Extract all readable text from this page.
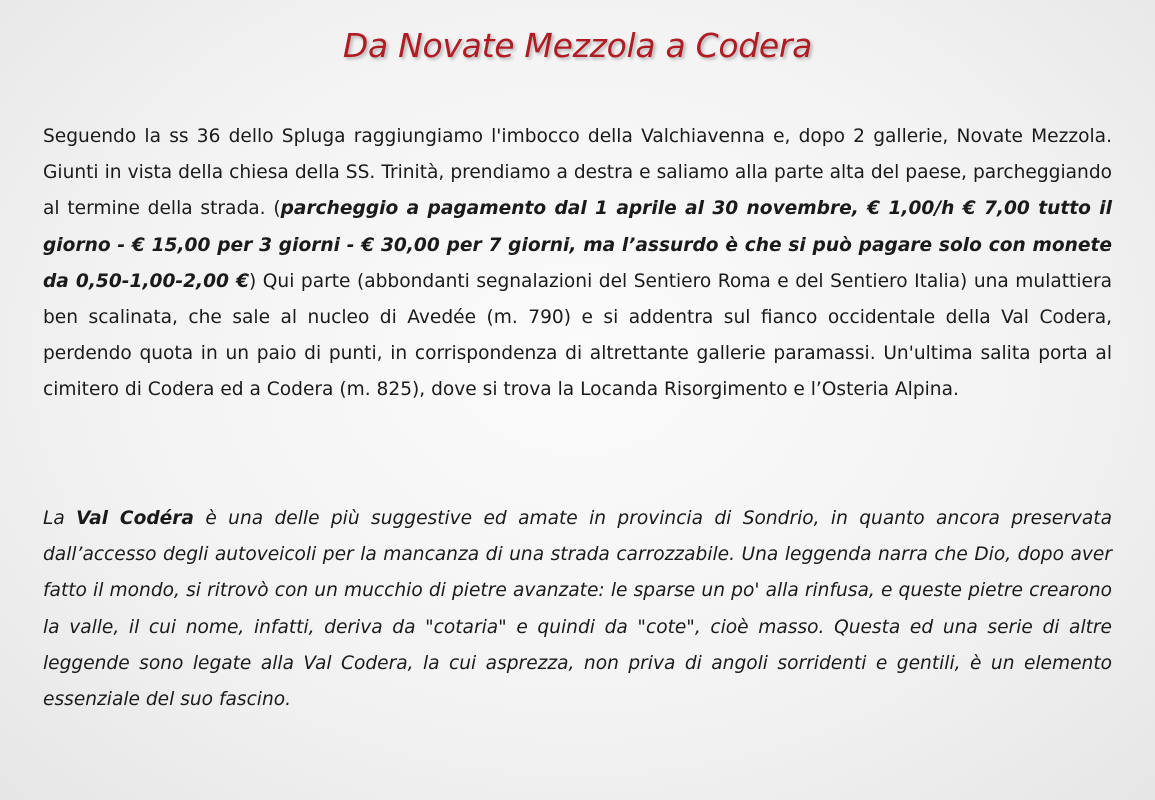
Da Novate Mezzola a Codera

Seguendo la ss 36 dello Spluga raggiungiamo l'imbocco della Valchiavenna e, dopo 2 gallerie, Novate Mezzola. Giunti in vista della chiesa della SS. Trinità, prendiamo a destra e saliamo alla parte alta del paese, parcheggiando al termine della strada. (parcheggio a pagamento dal 1 aprile al 30 novembre, € 1,00/h € 7,00 tutto il giorno - € 15,00 per 3 giorni - € 30,00 per 7 giorni, ma l’assurdo è che si può pagare solo con monete da 0,50-1,00-2,00 €) Qui parte (abbondanti segnalazioni del Sentiero Roma e del Sentiero Italia) una mulattiera ben scalinata, che sale al nucleo di Avedée (m. 790) e si addentra sul fianco occidentale della Val Codera, perdendo quota in un paio di punti, in corrispondenza di altrettante gallerie paramassi. Un'ultima salita porta al cimitero di Codera ed a Codera (m. 825), dove si trova la Locanda Risorgimento e l’Osteria Alpina.

La Val Codéra è una delle più suggestive ed amate in provincia di Sondrio, in quanto ancora preservata dall’accesso degli autoveicoli per la mancanza di una strada carrozzabile. Una leggenda narra che Dio, dopo aver fatto il mondo, si ritrovò con un mucchio di pietre avanzate: le sparse un po' alla rinfusa, e queste pietre crearono la valle, il cui nome, infatti, deriva da "cotaria" e quindi da "cote", cioè masso. Questa ed una serie di altre leggende sono legate alla Val Codera, la cui asprezza, non priva di angoli sorridenti e gentili, è un elemento essenziale del suo fascino.
